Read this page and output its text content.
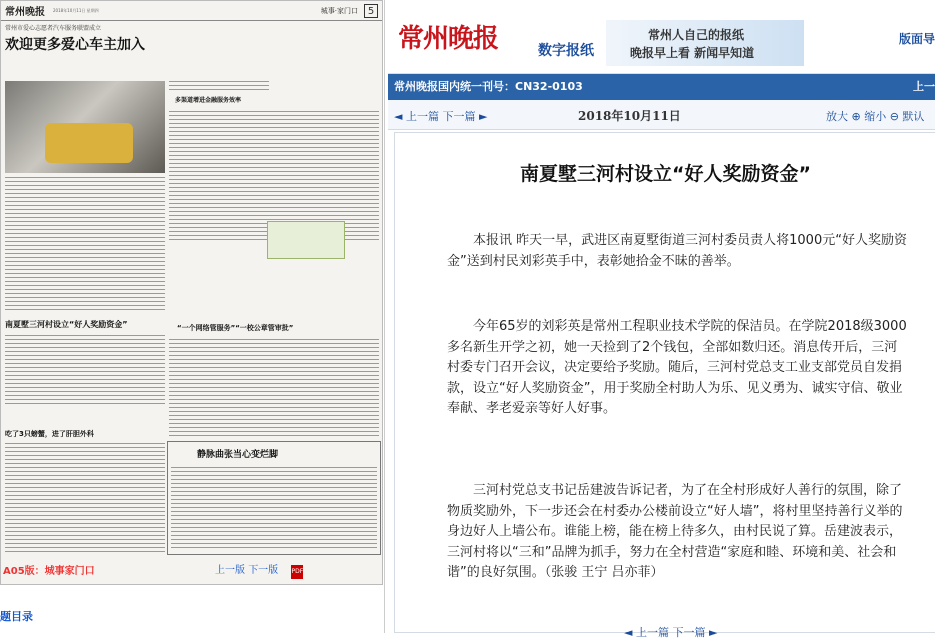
常州晚报 2018年10月11日 星期四	城事·家门口 5
常州市爱心志愿者汽车服务联盟成立
欢迎更多爱心车主加入
多渠道增进金融服务效率
南夏墅三河村设立“好人奖励资金”	“一个网络管服务”“一校公章管审批”
吃了3只螃蟹，进了肝胆外科
静脉曲张当心变烂脚
A05版：城事家门口	上一版 下一版 PDF
题目录
常州晚报	数字报纸
常州人自己的报纸
晚报早上看 新闻早知道
版面导
常州晚报国内统一刊号：CN32-0103	上一
◄ 上一篇 下一篇 ►	2018年10月11日	放大 ⊕ 缩小 ⊖ 默认
南夏墅三河村设立“好人奖励资金”
本报讯 昨天一早，武进区南夏墅街道三河村委员责人将1000元“好人奖励资金”送到村民刘彩英手中，表彰她拾金不昧的善举。
今年65岁的刘彩英是常州工程职业技术学院的保洁员。在学院2018级3000多名新生开学之初，她一天捡到了2个钱包，全部如数归还。消息传开后，三河村委专门召开会议，决定要给予奖励。随后，三河村党总支工业支部党员自发捐款，设立“好人奖励资金”，用于奖励全村助人为乐、见义勇为、诚实守信、敬业奉献、孝老爱亲等好人好事。
三河村党总支书记岳建波告诉记者，为了在全村形成好人善行的氛围，除了物质奖励外，下一步还会在村委办公楼前设立“好人墙”，将村里坚持善行义举的身边好人上墙公布。谁能上榜，能在榜上待多久，由村民说了算。岳建波表示，三河村将以“三和”品牌为抓手，努力在全村营造“家庭和睦、环境和美、社会和谐”的良好氛围。（张骏 王宁 吕亦菲）
◄ 上一篇 下一篇 ►
